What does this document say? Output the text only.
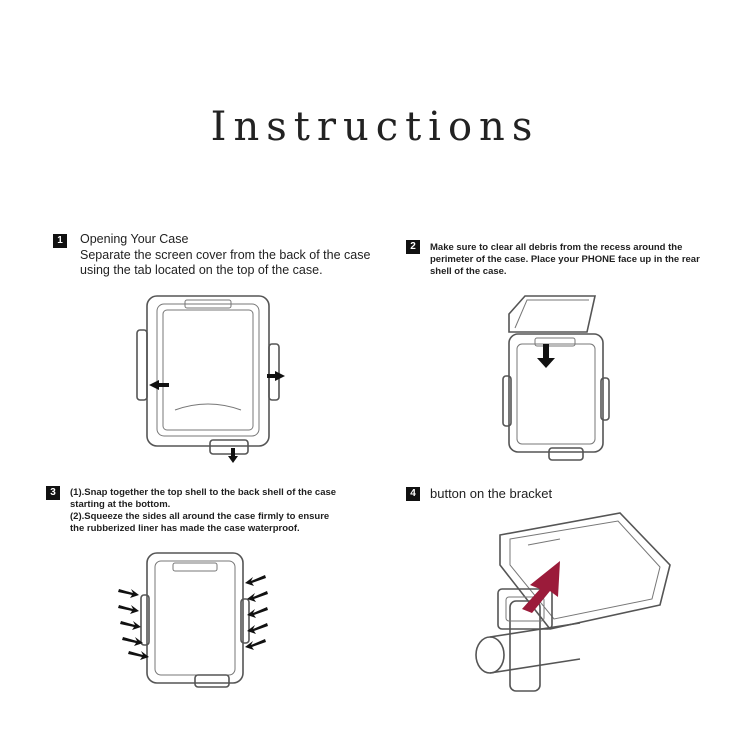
Instructions
1	Opening Your Case
Separate the screen cover from the back of the case
using the tab located on the top of the case.
2	Make sure to clear all debris from the recess around the
perimeter of the case. Place your PHONE face up in the rear
shell of the case.
3	(1).Snap together the top shell to the back shell of the case
starting at the bottom.
(2).Squeeze the sides all around the case firmly to ensure
the rubberized liner has made the case waterproof.
4	button on the bracket
